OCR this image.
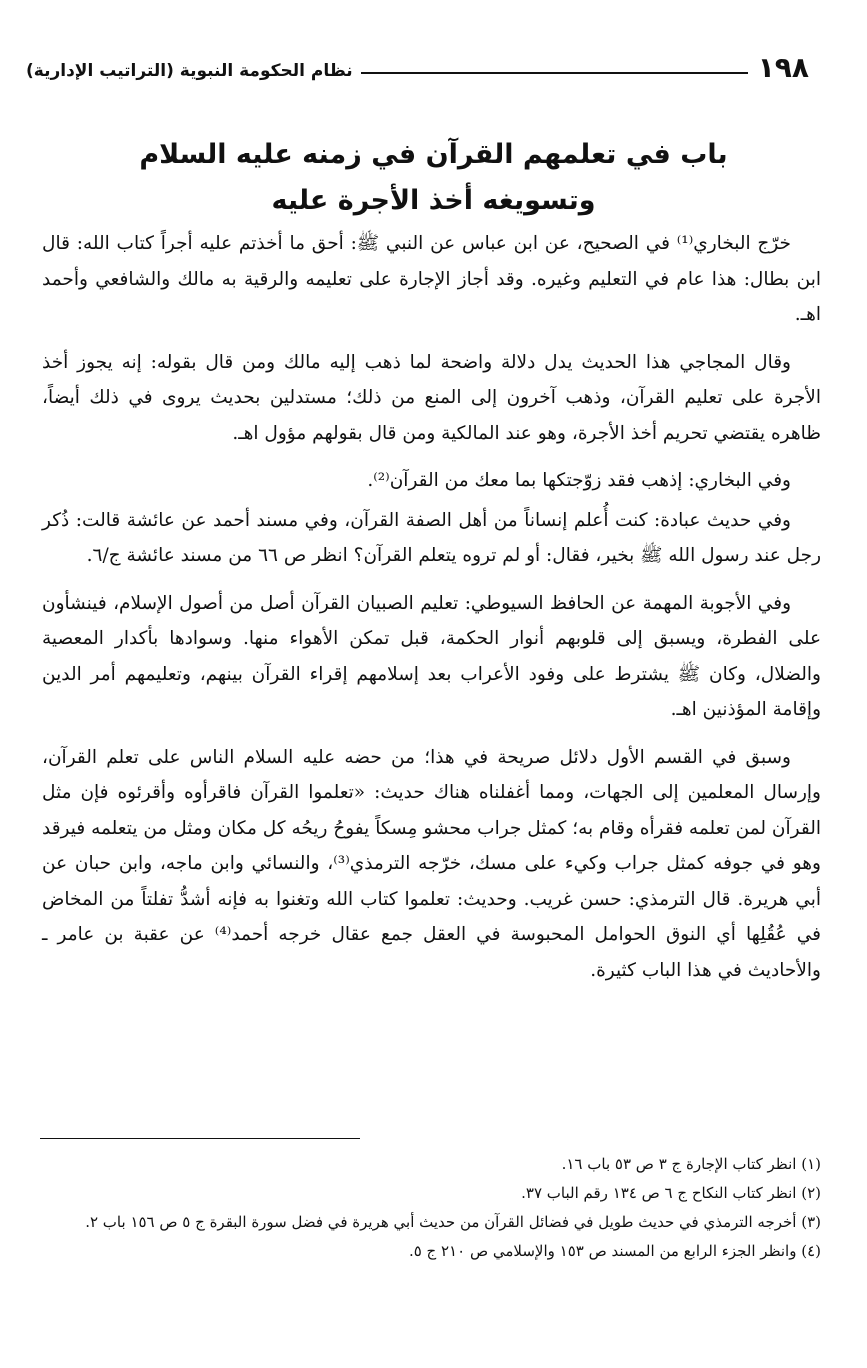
١٩٨
نظام الحكومة النبوية (التراتيب الإدارية)
باب في تعلمهم القرآن في زمنه عليه السلام
وتسويغه أخذ الأجرة عليه

خرّج البخاري⁽¹⁾ في الصحيح، عن ابن عباس عن النبي ﷺ: أحق ما أخذتم عليه أجراً كتاب الله: قال ابن بطال: هذا عام في التعليم وغيره. وقد أجاز الإجارة على تعليمه والرقية به مالك والشافعي وأحمد اهـ.

وقال المجاجي هذا الحديث يدل دلالة واضحة لما ذهب إليه مالك ومن قال بقوله: إنه يجوز أخذ الأجرة على تعليم القرآن، وذهب آخرون إلى المنع من ذلك؛ مستدلين بحديث يروى في ذلك أيضاً، ظاهره يقتضي تحريم أخذ الأجرة، وهو عند المالكية ومن قال بقولهم مؤول اهـ.

وفي البخاري: إذهب فقد زوّجتكها بما معك من القرآن⁽²⁾.

وفي حديث عبادة: كنت أُعلم إنساناً من أهل الصفة القرآن، وفي مسند أحمد عن عائشة قالت: ذُكر رجل عند رسول الله ﷺ بخير، فقال: أو لم تروه يتعلم القرآن؟ انظر ص ٦٦ من مسند عائشة ج/٦.

وفي الأجوبة المهمة عن الحافظ السيوطي: تعليم الصبيان القرآن أصل من أصول الإسلام، فينشأون على الفطرة، ويسبق إلى قلوبهم أنوار الحكمة، قبل تمكن الأهواء منها. وسوادها بأكدار المعصية والضلال، وكان ﷺ يشترط على وفود الأعراب بعد إسلامهم إقراء القرآن بينهم، وتعليمهم أمر الدين وإقامة المؤذنين اهـ.

وسبق في القسم الأول دلائل صريحة في هذا؛ من حضه عليه السلام الناس على تعلم القرآن، وإرسال المعلمين إلى الجهات، ومما أغفلناه هناك حديث: «تعلموا القرآن فاقرأوه وأقرئوه فإن مثل القرآن لمن تعلمه فقرأه وقام به؛ كمثل جراب محشو مِسكاً يفوحُ ريحُه كل مكان ومثل من يتعلمه فيرقد وهو في جوفه كمثل جراب وكيء على مسك، خرّجه الترمذي⁽³⁾، والنسائي وابن ماجه، وابن حبان عن أبي هريرة. قال الترمذي: حسن غريب. وحديث: تعلموا كتاب الله وتغنوا به فإنه أشدُّ تفلتاً من المخاض في عُقُلِها أي النوق الحوامل المحبوسة في العقل جمع عقال خرجه أحمد⁽⁴⁾ عن عقبة بن عامر ـ والأحاديث في هذا الباب كثيرة.

(١) انظر كتاب الإجارة ج ٣ ص ٥٣ باب ١٦.

(٢) انظر كتاب النكاح ج ٦ ص ١٣٤ رقم الباب ٣٧.

(٣) أخرجه الترمذي في حديث طويل في فضائل القرآن من حديث أبي هريرة في فضل سورة البقرة ج ٥ ص ١٥٦ باب ٢.

(٤) وانظر الجزء الرابع من المسند ص ١٥٣ والإسلامي ص ٢١٠ ج ٥.
